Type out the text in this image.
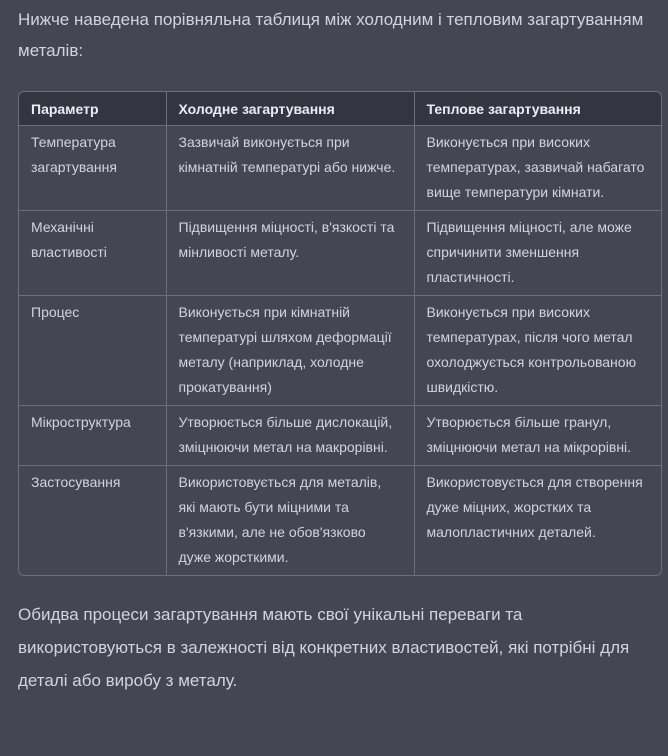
Нижче наведена порівняльна таблиця між холодним і тепловим загартуванням металів:

Параметр	Холодне загартування	Теплове загартування
Температура загартування	Зазвичай виконується при кімнатній температурі або нижче.	Виконується при високих температурах, зазвичай набагато вище температури кімнати.
Механічні властивості	Підвищення міцності, в'язкості та мінливості металу.	Підвищення міцності, але може спричинити зменшення пластичності.
Процес	Виконується при кімнатній температурі шляхом деформації металу (наприклад, холодне прокатування)	Виконується при високих температурах, після чого метал охолоджується контрольованою швидкістю.
Мікроструктура	Утворюється більше дислокацій, зміцнюючи метал на макрорівні.	Утворюється більше гранул, зміцнюючи метал на мікрорівні.
Застосування	Використовується для металів, які мають бути міцними та в'язкими, але не обов'язково дуже жорсткими.	Використовується для створення дуже міцних, жорстких та малопластичних деталей.

Обидва процеси загартування мають свої унікальні переваги та використовуються в залежності від конкретних властивостей, які потрібні для деталі або виробу з металу.
